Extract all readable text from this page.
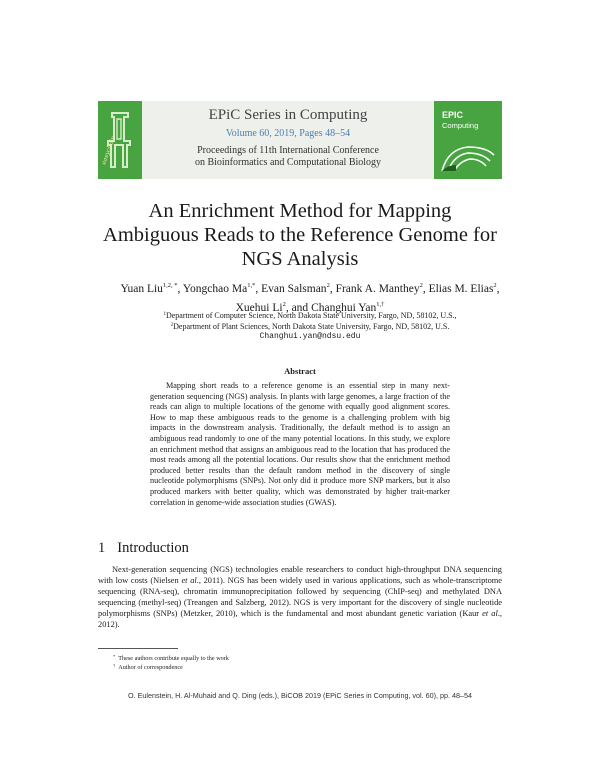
easychair
EPIC
Computing
EPiC Series in Computing
Volume 60, 2019, Pages 48–54
Proceedings of 11th International Conference
on Bioinformatics and Computational Biology
An Enrichment Method for Mapping
Ambiguous Reads to the Reference Genome for
NGS Analysis
Yuan Liu$^{1,2, *}$, Yongchao $Ma^{1,*}$, Evan Salsman$^2$, Frank A. Manthey$^2$, Elias M. Elias$^2$, Xuehui Li$^2$, and Changhui Yan$^{1,\dagger}$
$^1$Department of Computer Science, North Dakota State University, Fargo, ND, 58102, U.S.,
$^2$Department of Plant Sciences, North Dakota State University, Fargo, ND, 58102, U.S.
Changhui.yan@ndsu.edu
Abstract
Mapping short reads to a reference genome is an essential step in many next-generation sequencing (NGS) analysis. In plants with large genomes, a large fraction of the reads can align to multiple locations of the genome with equally good alignment scores. How to map these ambiguous reads to the genome is a challenging problem with big impacts in the downstream analysis. Traditionally, the default method is to assign an ambiguous read randomly to one of the many potential locations. In this study, we explore an enrichment method that assigns an ambiguous read to the location that has produced the most reads among all the potential locations. Our results show that the enrichment method produced better results than the default random method in the discovery of single nucleotide polymorphisms (SNPs). Not only did it produce more SNP markers, but it also produced markers with better quality, which was demonstrated by higher trait-marker correlation in genome-wide association studies (GWAS).
1 Introduction
Next-generation sequencing (NGS) technologies enable researchers to conduct high-throughput DNA sequencing with low costs (Nielsen et al., 2011). NGS has been widely used in various applications, such as whole-transcriptome sequencing (RNA-seq), chromatin immunoprecipitation followed by sequencing (ChIP-seq) and methylated DNA sequencing (methyl-seq) (Treangen and Salzberg, 2012). NGS is very important for the discovery of single nucleotide polymorphisms (SNPs) (Metzker, 2010), which is the fundamental and most abundant genetic variation (Kaur et al., 2012).
* These authors contribute equally to the work
† Author of correspondence
O. Eulenstein, H. Al-Muhaid and Q. Ding (eds.), BiCOB 2019 (EPiC Series in Computing, vol. 60), pp. 48–54
